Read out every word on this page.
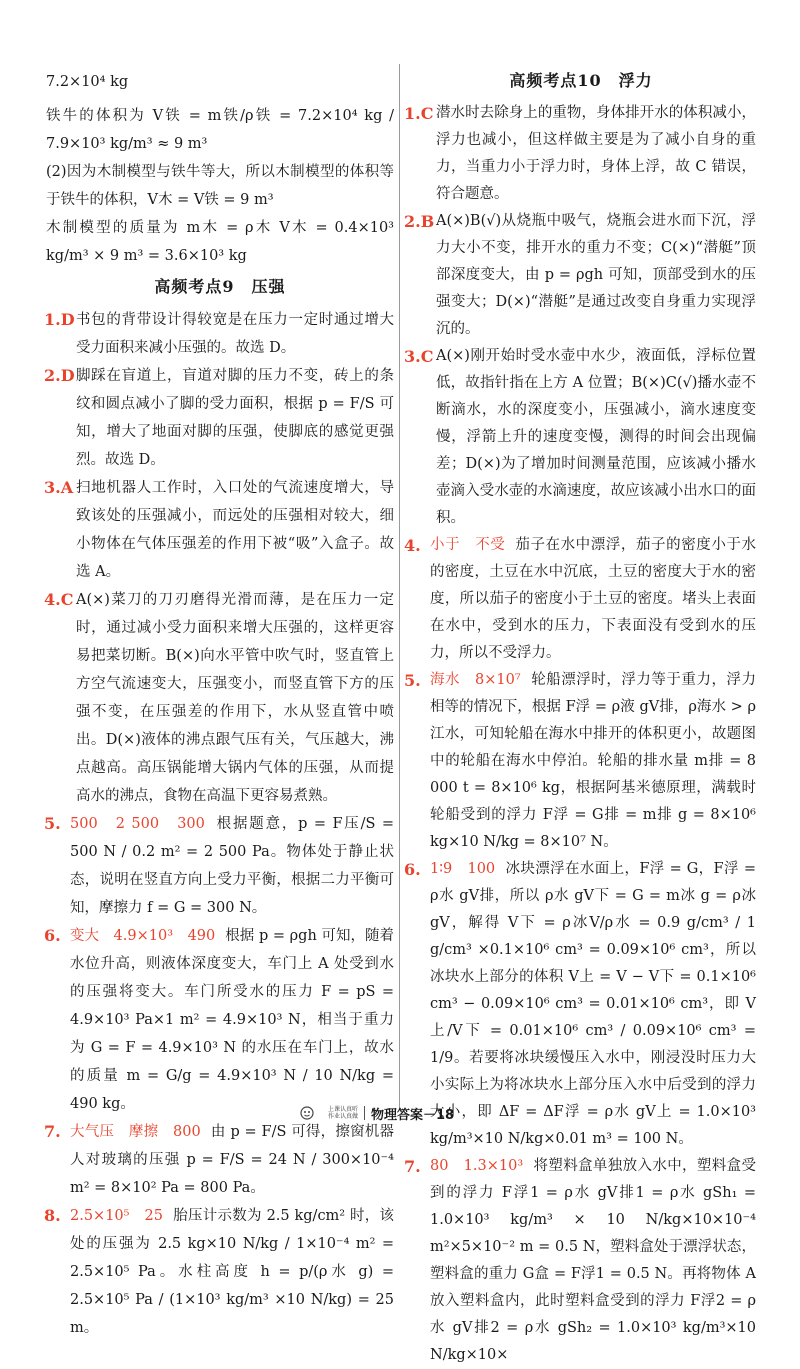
7.2×10⁴ kg

铁牛的体积为 V铁 = m铁/ρ铁 = 7.2×10⁴ kg / 7.9×10³ kg/m³ ≈ 9 m³

(2)因为木制模型与铁牛等大，所以木制模型的体积等于铁牛的体积，V木 = V铁 = 9 m³

木制模型的质量为 m木 = ρ木 V木 = 0.4×10³ kg/m³ × 9 m³ = 3.6×10³ kg

高频考点9　压强
1.D 书包的背带设计得较宽是在压力一定时通过增大受力面积来减小压强的。故选 D。

2.D 脚踩在盲道上，盲道对脚的压力不变，砖上的条纹和圆点减小了脚的受力面积，根据 p = F/S 可知，增大了地面对脚的压强，使脚底的感觉更强烈。故选 D。

3.A 扫地机器人工作时，入口处的气流速度增大，导致该处的压强减小，而远处的压强相对较大，细小物体在气体压强差的作用下被“吸”入盒子。故选 A。

4.C A(×)菜刀的刀刃磨得光滑而薄，是在压力一定时，通过减小受力面积来增大压强的，这样更容易把菜切断。B(×)向水平管中吹气时，竖直管上方空气流速变大，压强变小，而竖直管下方的压强不变，在压强差的作用下，水从竖直管中喷出。D(×)液体的沸点跟气压有关，气压越大，沸点越高。高压锅能增大锅内气体的压强，从而提高水的沸点，食物在高温下更容易煮熟。

5. 500　2 500　300 根据题意，p = F压/S = 500 N / 0.2 m² = 2 500 Pa。物体处于静止状态，说明在竖直方向上受力平衡，根据二力平衡可知，摩擦力 f = G = 300 N。

6. 变大　4.9×10³　490 根据 p = ρgh 可知，随着水位升高，则液体深度变大，车门上 A 处受到水的压强将变大。车门所受水的压力 F = pS = 4.9×10³ Pa×1 m² = 4.9×10³ N，相当于重力为 G = F = 4.9×10³ N 的水压在车门上，故水的质量 m = G/g = 4.9×10³ N / 10 N/kg = 490 kg。

7. 大气压　摩擦　800 由 p = F/S 可得，擦窗机器人对玻璃的压强 p = F/S = 24 N / 300×10⁻⁴ m² = 8×10² Pa = 800 Pa。

8. 2.5×10⁵　25 胎压计示数为 2.5 kg/cm² 时，该处的压强为 2.5 kg×10 N/kg / 1×10⁻⁴ m² = 2.5×10⁵ Pa。水柱高度 h = p/(ρ水 g) = 2.5×10⁵ Pa / (1×10³ kg/m³ ×10 N/kg) = 25 m。

高频考点10　浮力
1.C 潜水时去除身上的重物，身体排开水的体积减小，浮力也减小，但这样做主要是为了减小自身的重力，当重力小于浮力时，身体上浮，故 C 错误，符合题意。

2.B A(×)B(√)从烧瓶中吸气，烧瓶会进水而下沉，浮力大小不变，排开水的重力不变；C(×)“潜艇”顶部深度变大，由 p = ρgh 可知，顶部受到水的压强变大；D(×)“潜艇”是通过改变自身重力实现浮沉的。

3.C A(×)刚开始时受水壶中水少，液面低，浮标位置低，故指针指在上方 A 位置；B(×)C(√)播水壶不断滴水，水的深度变小，压强减小，滴水速度变慢，浮箭上升的速度变慢，测得的时间会出现偏差；D(×)为了增加时间测量范围，应该减小播水壶滴入受水壶的水滴速度，故应该减小出水口的面积。

4. 小于　不受 茄子在水中漂浮，茄子的密度小于水的密度，土豆在水中沉底，土豆的密度大于水的密度，所以茄子的密度小于土豆的密度。堵头上表面在水中，受到水的压力，下表面没有受到水的压力，所以不受浮力。

5. 海水　8×10⁷ 轮船漂浮时，浮力等于重力，浮力相等的情况下，根据 F浮 = ρ液 gV排，ρ海水 > ρ江水，可知轮船在海水中排开的体积更小，故题图中的轮船在海水中停泊。轮船的排水量 m排 = 8 000 t = 8×10⁶ kg，根据阿基米德原理，满载时轮船受到的浮力 F浮 = G排 = m排 g = 8×10⁶ kg×10 N/kg = 8×10⁷ N。

6. 1∶9　100 冰块漂浮在水面上，F浮 = G，F浮 = ρ水 gV排，所以 ρ水 gV下 = G = m冰 g = ρ冰 gV，解得 V下 = ρ冰V/ρ水 = 0.9 g/cm³ / 1 g/cm³ ×0.1×10⁶ cm³ = 0.09×10⁶ cm³，所以冰块水上部分的体积 V上 = V − V下 = 0.1×10⁶ cm³ − 0.09×10⁶ cm³ = 0.01×10⁶ cm³，即 V上/V下 = 0.01×10⁶ cm³ / 0.09×10⁶ cm³ = 1/9。若要将冰块缓慢压入水中，刚浸没时压力大小实际上为将冰块水上部分压入水中后受到的浮力大小，即 ΔF = ΔF浮 = ρ水 gV上 = 1.0×10³ kg/m³×10 N/kg×0.01 m³ = 100 N。

7. 80　1.3×10³ 将塑料盒单独放入水中，塑料盒受到的浮力 F浮1 = ρ水 gV排1 = ρ水 gSh₁ = 1.0×10³ kg/m³ × 10 N/kg×10×10⁻⁴ m²×5×10⁻² m = 0.5 N，塑料盒处于漂浮状态，塑料盒的重力 G盒 = F浮1 = 0.5 N。再将物体 A 放入塑料盒内，此时塑料盒受到的浮力 F浮2 = ρ水 gV排2 = ρ水 gSh₂ = 1.0×10³ kg/m³×10 N/kg×10×

上课认真听
作业认真做 物理答案－18
